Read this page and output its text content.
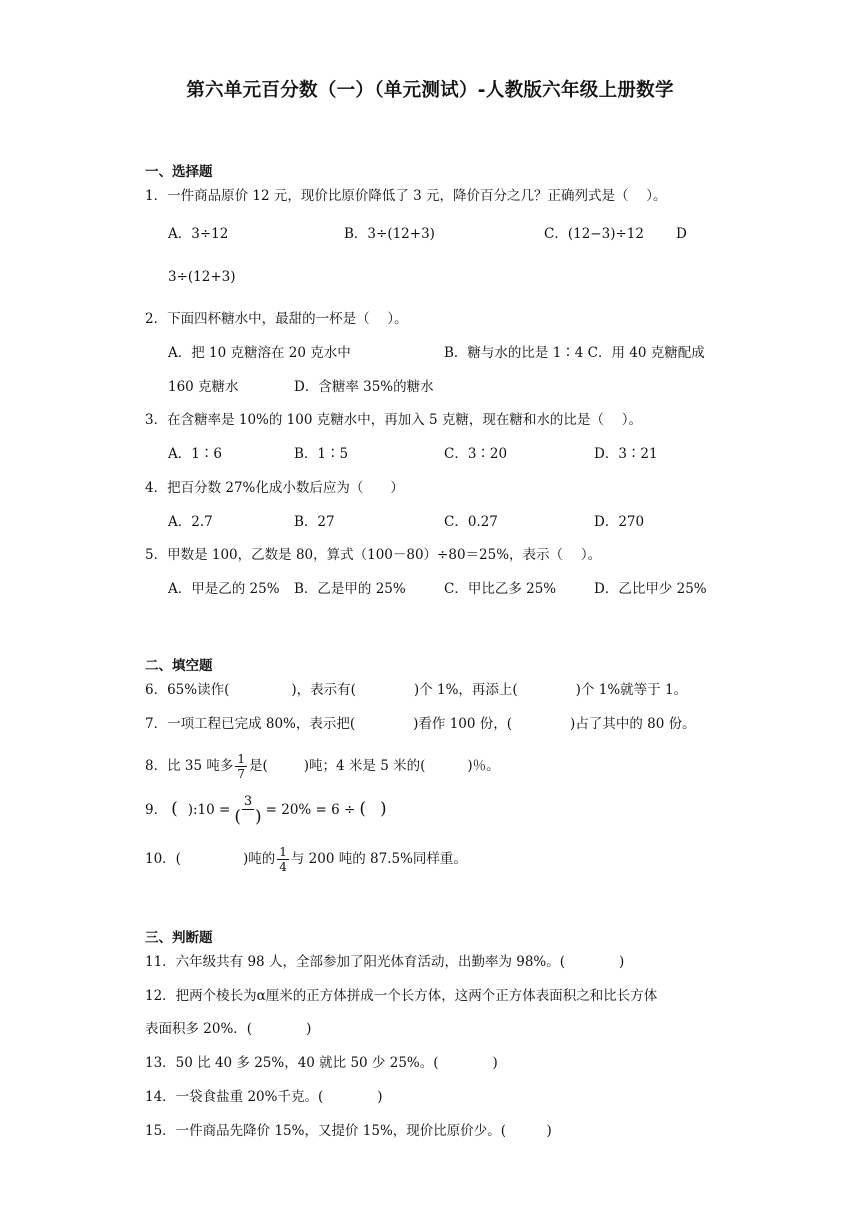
第六单元百分数（一）（单元测试）-人教版六年级上册数学
一、选择题
1．一件商品原价 12 元，现价比原价降低了 3 元，降价百分之几？正确列式是（　 ）。
A．3÷12	B．3÷(12+3)	C．(12−3)÷12 D
3÷(12+3)
2．下面四杯糖水中，最甜的一杯是（　 ）。
A．把 10 克糖溶在 20 克水中	B．糖与水的比是 1∶4 C．用 40 克糖配成
160 克糖水	D．含糖率 35%的糖水
3．在含糖率是 10%的 100 克糖水中，再加入 5 克糖，现在糖和水的比是（　 ）。
A．1∶6	B．1∶5	C．3∶20	D．3∶21
4．把百分数 27%化成小数后应为（　　）
A．2.7	B．27	C．0.27	D．270
5．甲数是 100，乙数是 80，算式（100－80）÷80＝25%，表示（　 ）。
A．甲是乙的 25% B．乙是甲的 25%	C．甲比乙多 25%	D．乙比甲少 25%
二、填空题
6．65%读作(	)，表示有(	)个 1%，再添上(	)个 1%就等于 1。
7．一项工程已完成 80%，表示把(	)看作 100 份，(	)占了其中的 80 份。
8．比 35 吨多 $\frac{1}{7}$ 是(	)吨；4 米是 5 米的(	)％。
9． ( ):10 = $\frac{3}{( )} = 20\% = 6$ ÷ ( )
10．(	)吨的 $\frac{1}{4}$ 与 200 吨的 87.5%同样重。
三、判断题
11．六年级共有 98 人，全部参加了阳光体育活动，出勤率为 98%。(　　　　)
12．把两个棱长为α厘米的正方体拼成一个长方体，这两个正方体表面积之和比长方体
表面积多 20%．(　　　　)
13．50 比 40 多 25%，40 就比 50 少 25%。(　　　　)
14．一袋食盐重 20%千克。(　　　　)
15．一件商品先降价 15%，又提价 15%，现价比原价少。(　　　)
